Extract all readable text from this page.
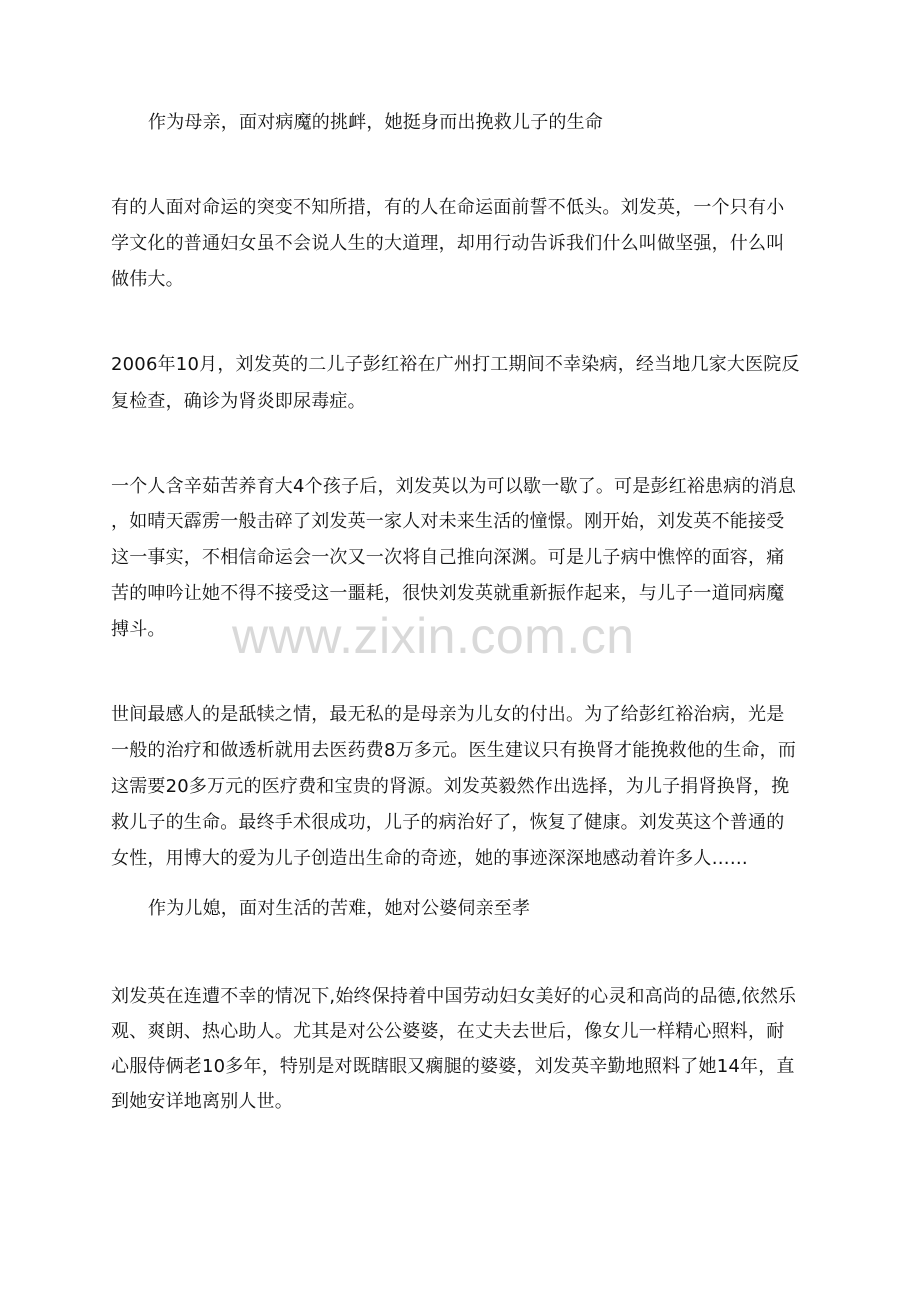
作为母亲，面对病魔的挑衅，她挺身而出挽救儿子的生命
有的人面对命运的突变不知所措，有的人在命运面前誓不低头。刘发英，一个只有小
学文化的普通妇女虽不会说人生的大道理，却用行动告诉我们什么叫做坚强，什么叫
做伟大。
2006年10月，刘发英的二儿子彭红裕在广州打工期间不幸染病，经当地几家大医院反
复检查，确诊为肾炎即尿毒症。
一个人含辛茹苦养育大4个孩子后，刘发英以为可以歇一歇了。可是彭红裕患病的消息
，如晴天霹雳一般击碎了刘发英一家人对未来生活的憧憬。刚开始，刘发英不能接受
这一事实，不相信命运会一次又一次将自己推向深渊。可是儿子病中憔悴的面容，痛
苦的呻吟让她不得不接受这一噩耗，很快刘发英就重新振作起来，与儿子一道同病魔
搏斗。
世间最感人的是舐犊之情，最无私的是母亲为儿女的付出。为了给彭红裕治病，光是
一般的治疗和做透析就用去医药费8万多元。医生建议只有换肾才能挽救他的生命，而
这需要20多万元的医疗费和宝贵的肾源。刘发英毅然作出选择，为儿子捐肾换肾，挽
救儿子的生命。最终手术很成功，儿子的病治好了，恢复了健康。刘发英这个普通的
女性，用博大的爱为儿子创造出生命的奇迹，她的事迹深深地感动着许多人……
作为儿媳，面对生活的苦难，她对公婆伺亲至孝
刘发英在连遭不幸的情况下,始终保持着中国劳动妇女美好的心灵和高尚的品德,依然乐
观、爽朗、热心助人。尤其是对公公婆婆，在丈夫去世后，像女儿一样精心照料，耐
心服侍俩老10多年，特别是对既瞎眼又瘸腿的婆婆，刘发英辛勤地照料了她14年，直
到她安详地离别人世。
www.zixin.com.cn
